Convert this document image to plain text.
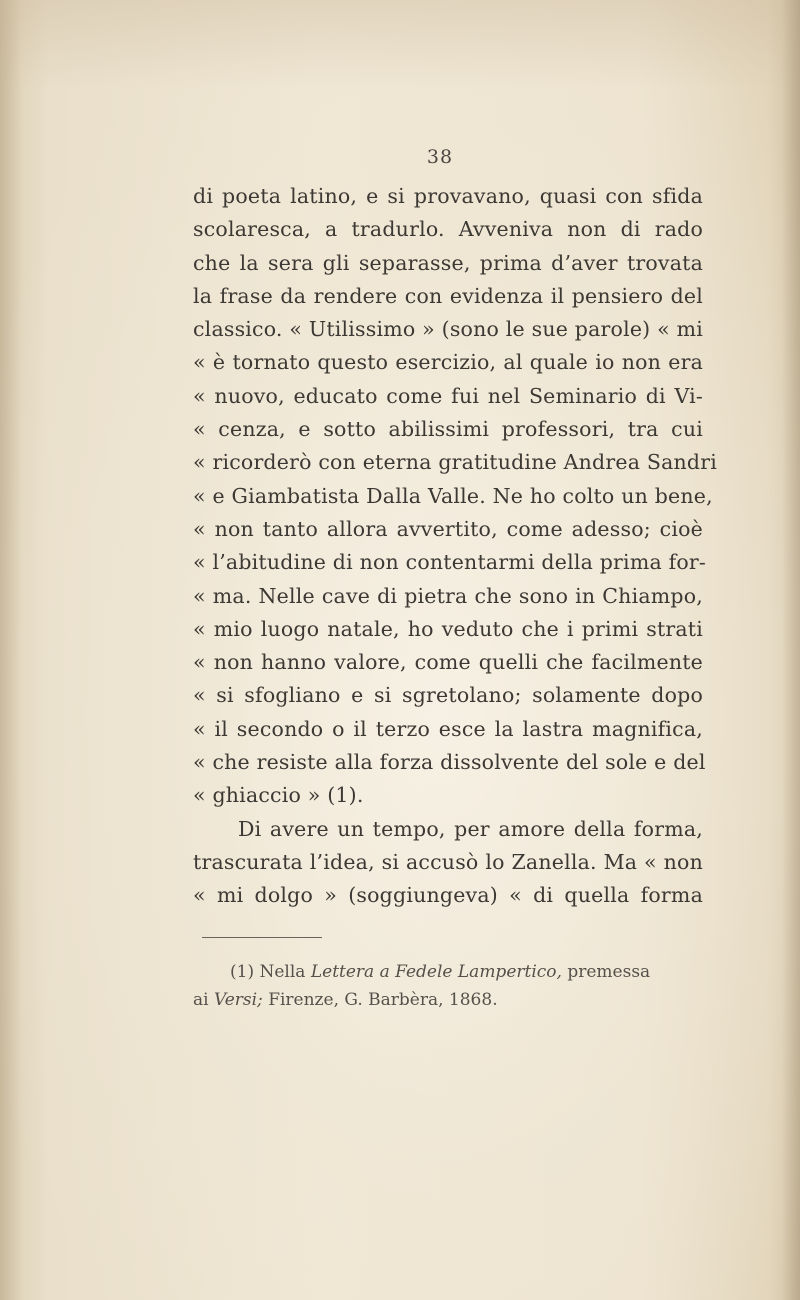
38
di poeta latino, e si provavano, quasi con sfida
scolaresca, a tradurlo. Avveniva non di rado
che la sera gli separasse, prima d’aver trovata
la frase da rendere con evidenza il pensiero del
classico. « Utilissimo » (sono le sue parole) « mi
« è tornato questo esercizio, al quale io non era
« nuovo, educato come fui nel Seminario di Vi-
« cenza, e sotto abilissimi professori, tra cui
« ricorderò con eterna gratitudine Andrea Sandri
« e Giambatista Dalla Valle. Ne ho colto un bene,
« non tanto allora avvertito, come adesso; cioè
« l’abitudine di non contentarmi della prima for-
« ma. Nelle cave di pietra che sono in Chiampo,
« mio luogo natale, ho veduto che i primi strati
« non hanno valore, come quelli che facilmente
« si sfogliano e si sgretolano; solamente dopo
« il secondo o il terzo esce la lastra magnifica,
« che resiste alla forza dissolvente del sole e del
« ghiaccio » (1).
Di avere un tempo, per amore della forma,
trascurata l’idea, si accusò lo Zanella. Ma « non
« mi dolgo » (soggiungeva) « di quella forma
(1) Nella Lettera a Fedele Lampertico, premessa
ai Versi; Firenze, G. Barbèra, 1868.
